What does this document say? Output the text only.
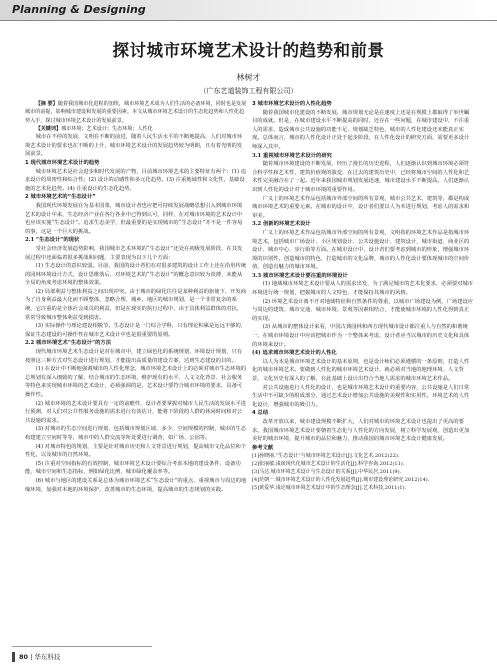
Planning & Designing
探讨城市环境艺术设计的趋势和前景
林树才
（广东艺道装饰工程有限公司）

【摘 要】随着我国城市化进程的加快，城市环境艺术成为人们生活的必备环境，同时也是发展城市的前提，影响城市建设和发展的重要因素。本文从城市环境艺术设计的生态化趋势和人性化趋势入手，探讨城市环境艺术设计的发展前景。

【关键词】城市环境；艺术设计；生态环境；人性化

城市在不停的发展，文明在不断的前进，随着人民生活水平的不断地提高，人们对城市环境艺术设计的要求也在不断的上升，城市环境艺术设计的发展趋势较为明朗，且有着光明的发展前景。

1 现代城市环境艺术设计的趋势

城市环境艺术是社会进步和时代发展的产物，目前城市环境艺术的主要特征有两个：(1) 追求设计的周密性和综合性；(2) 设计的动感性和多元化趋势。(3) 注重地域性和文化性，基础设施的艺术化趋势。(4) 注重设计的生态化趋势。

2 城市环境艺术的“生态设计”

我国现代环境发展在为基本国策，城市设计者也应把可持续发展战略思想引入到城市环境艺术的设计中来，生态经济产业在各行各业中已得到认可，同样，在对城市环境的艺术设计中也应该实施“生态设计”。追求生态美学，但最重要的是实现城市的“生态设计”并不是一件容易的事，这是一个巨大的挑战。

2.1 “生态设计”的现状

受社会经济发展趋势影响，我国城市艺术环境的“生态设计”还处在初级发展阶段，在其发展过程中还面临着很多挑战和问题，主要表现为以下几个方面：

(1) 生态设计的意识较弱。目前，我国的设计者们在对很多建筑的设计工作上还在沿用传统的园林环境设计方式，设计思维落后，对环境艺术的“生态设计”的概念意识较为淡薄，未能从全局的角度考虑环境的整体效果。

(2) 局部利益与整体利益之间出现冲突。由于城市的绿化往往是某种利益的驱使下，开发商为了自身利益最大化而不顾整体，忽略合理、城乡、地区的城市规划，是一个非常复杂的系统，它注重的是全体社会成员的利益，但是在现实的执行过程中，由于具体利益群体的对抗，常常导致城市整体利益受到损害。

(3) 实际操作与理论建设相脱节。生态设计是一门综合学科，只有理论积累是远远不够的，保证生态建设的可操作性在城市艺术设计中也是很重要的原则。

2.2 城市环境艺术“生态设计”的方法

现代城市环境艺术生态设计是对在城市中，建立绿色化的系统规划，环境设计规划，只有按照这三种方式对生态设计进行规划，才能提出高质量的建设方案，达到生态建设的目的。

(1) 在设计中不断地强调城市的人性化理念，城市环境艺术设计上的必须对城市生态环境的总规划有深入细致的了解，结合城市的生态环境，维护现有的水平、人文文化背景、社会服务等特色来实现城市环境的艺术设计，必须强调的是，艺术设计要符合城市环境的要求，具备可操作性。

(2) 城市环境的艺术设计要具有一定的前瞻性，设计者要掌握对城市人民生活的发展水平进行预测，对人们对公共性服务设施的需求进行有效估计，能将下阶段的人群的休闲时间和对公共设施的需求。

(3) 对城市的生态空间进行规划，包括城市规划区域、多少、空间规模的控制，城市的生态构建建立空间时等等，城市中的人群交流等所处要进行调查，如广场、公园等。

(4) 对城市特色的规划，主要是针对城市历史和人文背景进行规划，提高城市文化品位和个性化，以及城市的自然环境。

(5) 注重对空间指标的有效控制，城市环境艺术设计要综合考虑本地的建设条件，设备功能，城市空间和生态指标，例如绿化比例，城市绿化覆盖率等。

(6) 城市与地区的建设关系是总体为城市环境艺术“生态设计”的重点，重视城市与周边的地缘环境，加强对本地的环境保护，改善城市的生态环境，提高城市的生态规划的实践。

3 城市环境艺术设计的人性化趋势

随着我国城市化建设的不断发展，城市规划无论是在速度上还是在规模上都取得了举世瞩目的成就。但是，在城市建设水平不断提高的同时，还存在一些问题，在城市建设中，不注重人的需求，造成城市公共设施的功能不足、规划缺乏特色，城市的人性化建设还未能真正实现。总体而言，城市的人性化设计正处于起步阶段，在人性化设计的研究方面，需要更多设计师深入其中。

3.1 重视城市环境艺术设计的研究

随着城市环境建设的不断发展，经历了漫长的历史进程，人们逐渐认识到城市环境必须符合科学性和艺术性，建筑价值观的演变，在过去的建筑历史中，已经将城市空间的人性化和艺术性完美融合在了一起。近年来我国城市规划发展迅速，城市建设水平不断提高。人们逐渐认识到人性化的设计对于城市环境的重要作用。

广义上的环境艺术作品包括城市外部空间的所有景观，城市公共艺术、建筑等，都是构成城市环境艺术的重要元素。在城市的设计中，设计者们要以人为本进行规划，考虑人的需求和审美。

3.2 创新的环境艺术设计

广义上的环境艺术作品包括城市外部空间的所有景观，文明指的环境艺术作品是指城市环境艺术，包括城市广场设计、小区规划设计、公共设施设计、建筑设计，城市街道、商业区的设计、城市中心、步行街等方面。在城市设计中，设计者们要考虑到城市的形象，增强城市环境的识别性，创造城市的特色，打造城市的文化品牌，城市的人性化设计要体现城市的空间价值，创造有魅力的城市环境。

3.3 城市环境艺术设计要注重的环境设计

(1) 地域城市环境艺术设计要从人的需求出发，为了满足城市的艺术化要求，必须要对城市环境进行统一规划，把握城市的人文特色，才能保持其城市的风格。

(2) 环境艺术设计离不开对地域特征和自然条件的尊重，以城市广场建设为例，广场建设应与周边的建筑、城市交通、城市环境、景观等因素相结合，才能使城市环境的人性化得到真正的实现。

(3) 从城市的整体设计来看，中国古典园林和西方现代城市设计都注重人与自然的和谐统一，在城市环境设计中应该把城市作为一个整体来考虑，设计者应当以城市的历史文化和具体的环境来设计。

(4) 追求城市环境艺术设计的人性化

以人为本是城市环境艺术设计的基本原则，也是设计师们必须遵循的一条原则，打造人性化的城市环境艺术。要做到人性化的城市环境艺术设计，就必须对当地的地理环境、人文背景、文化历史有深入的了解，在此基础上设计出符合当地人需求的城市环境艺术作品。

对公共设施进行人性化的设计，也是城市环境艺术设计的重要内容，公共设施是人们日常生活中不可缺少的组成部分，通过艺术设计增加公共设施的美观性和实用性，环境艺术的人性化设计，增强城市的吸引力。

4 总结

改革开放以来，城市建设规模不断扩大，人们对城市的环境艺术设计也提出了更高的要求。我国城市环境艺术设计要朝着生态化与人性化的方向发展，树立科学发展观，创造出更加美好的城市环境，提升城市的品位和魅力，推动我国的城市环境艺术设计健康发展。

参考文献

[1]孙晓丽.“生态设计”与城市环境艺术设计[J].文化艺术,2012(22).

[2]张丽敏.浅谈现代化城市艺术设计的生活化[J].科学咨询,2012(11).

[3]马达.城市环境艺术设计与生态设计的关系[J].中华民居,2011(9).

[4]范朝一.城市环境艺术设计的人性化发展趋势[J].城市建设理论研究,2012(14).

[5]黄爱华.浅论城市环境艺术设计中的生态理念[J].艺术科技,2011(1).

80 | 华东科技
